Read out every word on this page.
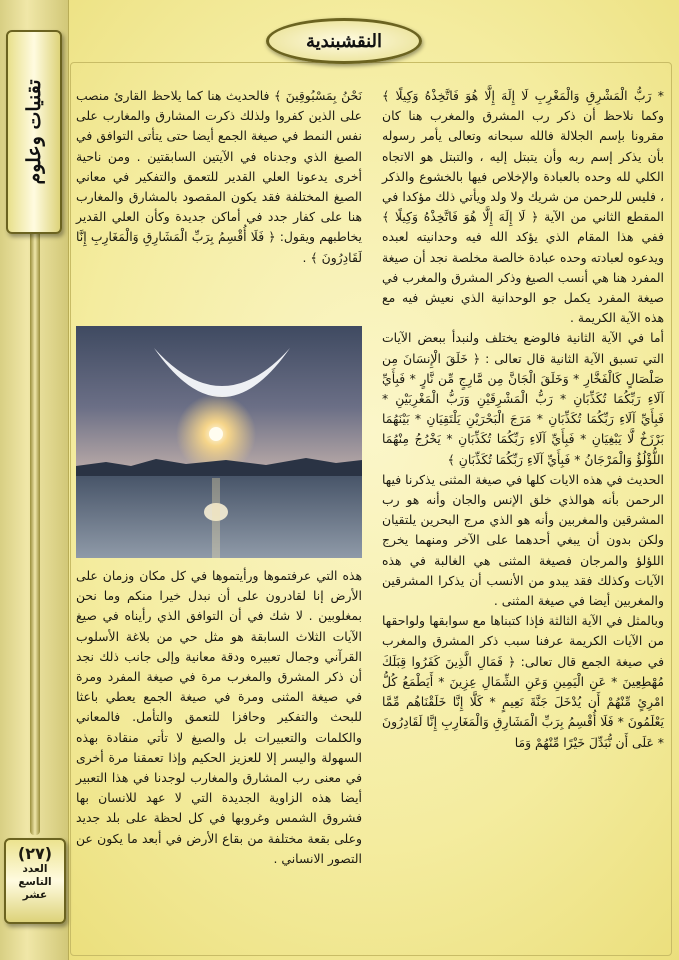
تقنيات وعلوم
(٢٧)
العدد
التاسع
عشر
النقشبندية

* رَبُّ الْمَشْرِقِ وَالْمَغْرِبِ لَا إِلَهَ إِلَّا هُوَ فَاتَّخِذْهُ وَكِيلًا ﴾ وكما نلاحظ أن ذكر رب المشرق والمغرب هنا كان مقرونا بإسم الجلالة فالله سبحانه وتعالى يأمر رسوله بأن يذكر إسم ربه وأن يتبتل إليه ، والتبتل هو الاتجاه الكلي لله وحده بالعبادة والإخلاص فيها بالخشوع والذكر ، فليس للرحمن من شريك ولا ولد ويأتي ذلك مؤكدا في المقطع الثاني من الآية ﴿ لَا إِلَهَ إِلَّا هُوَ فَاتَّخِذْهُ وَكِيلًا ﴾ ففي هذا المقام الذي يؤكد الله فيه وحدانيته لعبده ويدعوه لعبادته وحده عبادة خالصة مخلصة نجد أن صيغة المفرد هنا هي أنسب الصيغ وذكر المشرق والمغرب في صيغة المفرد يكمل جو الوحدانية الذي نعيش فيه مع هذه الآية الكريمة .

أما في الآية الثانية فالوضع يختلف ولنبدأ ببعض الآيات التي تسبق الآية الثانية قال تعالى : ﴿ خَلَقَ الْإِنسَانَ مِن صَلْصَالٍ كَالْفَخَّارِ * وَخَلَقَ الْجَانَّ مِن مَّارِجٍ مِّن نَّارٍ * فَبِأَيِّ آلَاءِ رَبِّكُمَا تُكَذِّبَانِ * رَبُّ الْمَشْرِقَيْنِ وَرَبُّ الْمَغْرِبَيْنِ * فَبِأَيِّ آلَاءِ رَبِّكُمَا تُكَذِّبَانِ * مَرَجَ الْبَحْرَيْنِ يَلْتَقِيَانِ * بَيْنَهُمَا بَرْزَخٌ لَّا يَبْغِيَانِ * فَبِأَيِّ آلَاءِ رَبِّكُمَا تُكَذِّبَانِ * يَخْرُجُ مِنْهُمَا اللُّؤْلُؤُ وَالْمَرْجَانُ * فَبِأَيِّ آلَاءِ رَبِّكُمَا تُكَذِّبَانِ ﴾

الحديث في هذه الايات كلها في صيغة المثنى يذكرنا فيها الرحمن بأنه هوالذي خلق الإنس والجان وأنه هو رب المشرقين والمغربين وأنه هو الذي مرج البحرين يلتقيان ولكن بدون أن يبغي أحدهما على الآخر ومنهما يخرج اللؤلؤ والمرجان فصيغة المثنى هي الغالبة في هذه الآيات وكذلك فقد يبدو من الأنسب أن يذكرا المشرقين والمغربين أيضا في صيغة المثنى .

وبالمثل في الآية الثالثة فإذا كتبناها مع سوابقها ولواحقها من الآيات الكريمة عرفنا سبب ذكر المشرق والمغرب في صيغة الجمع قال تعالى: ﴿ فَمَالِ الَّذِينَ كَفَرُوا قِبَلَكَ مُهْطِعِينَ * عَنِ الْيَمِينِ وَعَنِ الشِّمَالِ عِزِينَ * أَيَطْمَعُ كُلُّ امْرِئٍ مِّنْهُمْ أَن يُدْخَلَ جَنَّةَ نَعِيمٍ * كَلَّا إِنَّا خَلَقْنَاهُم مِّمَّا يَعْلَمُونَ * فَلَا أُقْسِمُ بِرَبِّ الْمَشَارِقِ وَالْمَغَارِبِ إِنَّا لَقَادِرُونَ * عَلَى أَن نُّبَدِّلَ خَيْرًا مِّنْهُمْ وَمَا

نَحْنُ بِمَسْبُوقِينَ ﴾ فالحديث هنا كما يلاحظ القارئ منصب على الذين كفروا ولذلك ذكرت المشارق والمغارب على نفس النمط في صيغة الجمع أيضا حتى يتأتى التوافق في الصيغ الذي وجدناه في الآيتين السابقتين . ومن ناحية أخرى يدعونا العلي القدير للتعمق والتفكير في معاني الصيغ المختلفة فقد يكون المقصود بالمشارق والمغارب هنا على كفار جدد في أماكن جديدة وكأن العلي القدير يخاطبهم ويقول: ﴿ فَلَا أُقْسِمُ بِرَبِّ الْمَشَارِقِ وَالْمَغَارِبِ إِنَّا لَقَادِرُونَ ﴾ .

هذه التي عرفتموها ورأيتموها في كل مكان وزمان على الأرض إنا لقادرون على أن نبدل خيرا منكم وما نحن بمغلوبين . لا شك في أن التوافق الذي رأيناه في صيغ الآيات الثلاث السابقة هو مثل حي من بلاغة الأسلوب القرآني وجمال تعبيره ودقة معانية وإلى جانب ذلك نجد أن ذكر المشرق والمغرب مرة في صيغة المفرد ومرة في صيغة المثنى ومرة في صيغة الجمع يعطي باعثا للبحث والتفكير وحافزا للتعمق والتأمل. فالمعاني والكلمات والتعبيرات بل والصيغ لا تأتي منقادة بهذه السهولة واليسر إلا للعزيز الحكيم وإذا تعمقنا مرة أخرى في معنى رب المشارق والمغارب لوجدنا في هذا التعبير أيضا هذه الزاوية الجديدة التي لا عهد للانسان بها فشروق الشمس وغروبها في كل لحظة على بلد جديد وعلى بقعة مختلفة من بقاع الأرض في أبعد ما يكون عن التصور الانساني .
